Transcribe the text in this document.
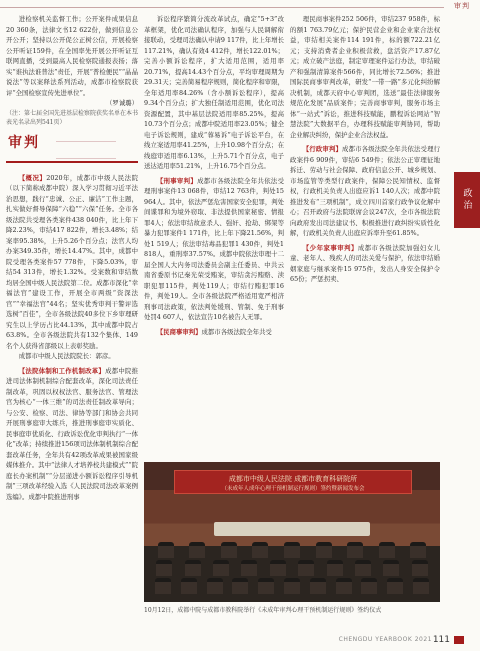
审判
政治

进检察机关监督工作；公开案件成果信息20 360条，法律文书12 622份，做到信息公开公开；坚持以公开促公正树公信，开展检察公开听证159件，在全国率先开展公开听证互联网直播，受到最高人民检察院通报表扬；落实“谁执法谁普法”责任，开展“普检便民”“晶晶说法”等以案释法系列活动，成都市检察院获评“全国检察宣传先进单位”。

（罗诚璐）

（注：第七届全国先进基层检察院获奖名单在本书表光名录出列541页）

审判

【概况】2020年，成都市中级人民法院（以下简称成都中院）深入学习贯彻习近平法治思想，践行“忠诚、公正、廉洁”工作主题，扎实做好督导保障“六稳”“六保”任务。全市各级法院共受理各类案件438 040件，比上年下降2.23%，审结417 822件，增长3.48%；结案率95.38%，上升5.26个百分点；法官人均办案349.35件，增长14.47%。其中，成都中院受理各类案件57 778件，下降5.03%，审结54 313件，增长1.32%。受案数和审结数均居全国中级人民法院第二位。成都市深化“幸福法官”建设工作，开展全市两级“资深法官”“幸福法官”44名；坚实优秀审判干警评选选树“百佳”，全市各级法院40多位下乡审理研究生以上学历占比44.13%，其中成都中院占63.8%。全市各级法院共有132个集体、149名个人获得省部级以上表彰奖励。

成都市中级人民法院院长：郭彦。

【法院体制和工作机制改革】成都中院推进司法体制机制综合配套改革，深化司法责任制改革，巩固以权权法官、服务法官、管理法官为核心“一体三维”的司法责任制改革导向；与公安、检察、司法、律协等部门和协会共同开展刑事庭审大练兵，推进刑事庭审实质化、民事庭审优质化、行政诉讼优化审判执行“一体化”改革；持续推进156项司法体制机制综合配套改革任务，全年共有42项改革成果被国家级媒体推介。其中“法律人才培养校共建模式”“院庭长办案机制”“分层递进小额诉讼程序引导机制”三项改革经验入选《人民法院司法改革案例选编》。成都中院推进刑事

诉讼程序繁简分流改革试点，确定“5+3”改革框架，优化司法确认程序，加强与人民调解衔接联动，受理司法确认申请9 117件，比上年增长117.21%，确认有效4 412件，增长122.01%；完善小额诉讼程序，扩大适用范围，适用率20.71%，提高14.43个百分点，平均审理周期为29.31天；完善简易程序规则，简化程序和审限，全年适用率84.26%（含小额诉讼程序），提高9.34个百分点；扩大独任制适用范围，优化司法资源配置，其中基层法院适用率85.25%，提高10.73个百分点；成都中院适用率23.05%；健全电子诉讼规则，建成“蓉易诉”电子诉讼平台，在线立案适用率41.25%，上升10.98个百分点；在线庭审适用率6.13%，上升5.71个百分点，电子送达适用率51.21%，上升16.75个百分点。

【刑事审判】成都市各级法院全年共依法受理刑事案件13 068件，审结12 763件，判处15 964人。其中，依法严惩危害国家安全犯罪，判处间谍罪和为境外窃取、非法提供国家秘密、情报罪4人；依法审结故意杀人、强奸、抢劫、绑架等暴力犯罪案件1 171件，比上年下降21.56%，判处1 519人；依法审结毒品犯罪1 430件，判处1 818人，重刑率37.57%。成都中院依法审理十二届全国人大内务司法委员会副主任委员、中共云南省委原书记秦光荣受贿案，审结贪污贿赂、渎职犯罪115件，判处119人；审结行贿犯罪16件，判处19人。全市各级法院严格适用宽严相济刑事司法政策，依法判处缓刑、管制、免于刑事处罚4 607人，依法宣告10名被告人无罪。

【民商事审判】成都市各级法院全年共受

理民商事案件252 506件，审结237 958件，标的额1 763.79亿元；保护民营企业和企业家合法权益，审结相关案件114 191件，标的额722.21亿元；支持消费者企业积极营救，盘活资产17.87亿元；成立破产法庭，制定审理案件运行办法，审结破产和强制清算案件566件，同比增长72.56%；推进国际民商事审判改革，研发“一带一路”多元化纠纷解决机制，成都天府中心审判团，选送“最佳法律服务规范化发展”品质案件；完善商事审判，服务市场主体“一站式”诉讼，推进科技赋能，鹏程诉讼网站“智慧法院”大数据平台，办理科技赋能审判协同，帮助企业解决纠纷，保护企业合法权益。

【行政审判】成都市各级法院全年共依法受理行政案件6 909件，审结6 549件；依法公正审理征地拆迁、劳动与社会保障、政府信息公开、城乡规划、市场监管等类型行政案件，保障公民知情权、监督权，行政机关负责人出庭应诉1 140人次；成都中院推进发布“三项机制”，成立四川首家行政争议化解中心；召开政府与法院联席会议247次，全市各级法院向政府发出司法建议书、积极推进行政纠纷实质性化解，行政机关负责人出庭应诉率升至61.85%。

【少年家事审判】成都市各级法院加强妇女儿童、老年人、残疾人的司法关爱与保护，依法审结婚姻家庭与继承案件15 975件，发出人身安全保护令65份；严惩拐卖、

成都市中级人民法院 成都市教育科研院所
（未成年人成年心理干预机制运行规则）签约暨新闻发布会
10月12日，成都中院与成都市教科院举行《未成年审判心理干预机制运行规则》签约仪式
CHENGDU YEARBOOK 2021 111
